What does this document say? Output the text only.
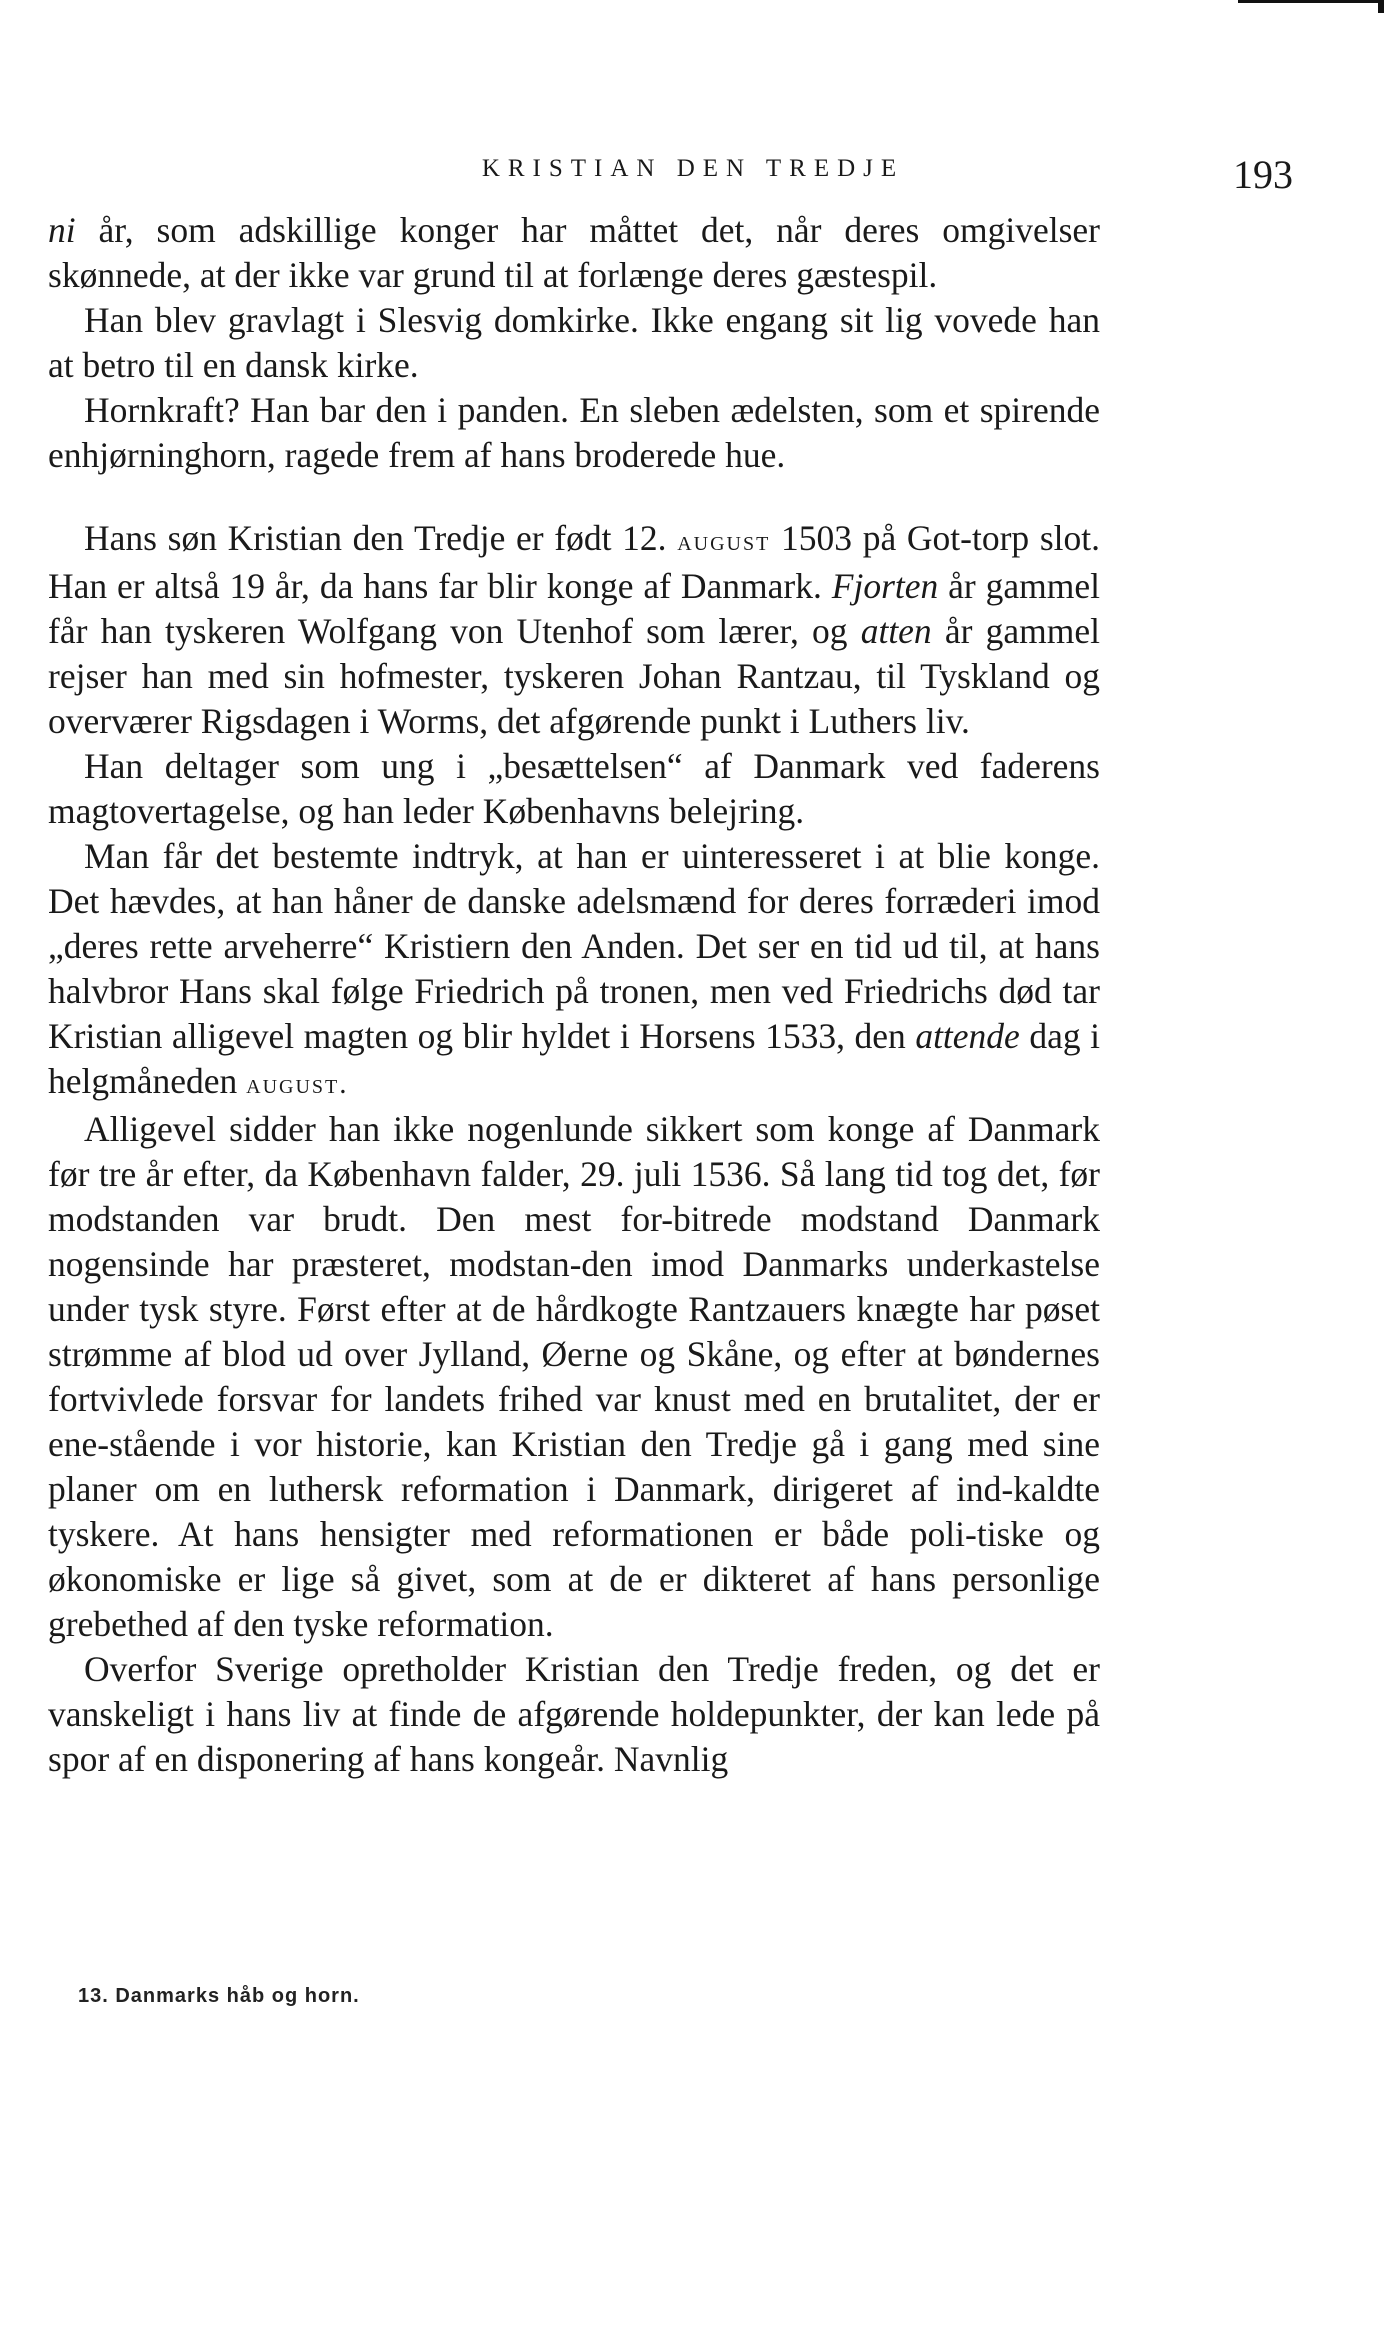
KRISTIAN DEN TREDJE	193

ni år, som adskillige konger har måttet det, når deres omgivelser skønnede, at der ikke var grund til at forlænge deres gæstespil.

Han blev gravlagt i Slesvig domkirke. Ikke engang sit lig vovede han at betro til en dansk kirke.

Hornkraft? Han bar den i panden. En sleben ædelsten, som et spirende enhjørninghorn, ragede frem af hans broderede hue.

Hans søn Kristian den Tredje er født 12. august 1503 på Got-torp slot. Han er altså 19 år, da hans far blir konge af Danmark. Fjorten år gammel får han tyskeren Wolfgang von Utenhof som lærer, og atten år gammel rejser han med sin hofmester, tyskeren Johan Rantzau, til Tyskland og overværer Rigsdagen i Worms, det afgørende punkt i Luthers liv.

Han deltager som ung i „besættelsen“ af Danmark ved faderens magtovertagelse, og han leder Københavns belejring.

Man får det bestemte indtryk, at han er uinteresseret i at blie konge. Det hævdes, at han håner de danske adelsmænd for deres forræderi imod „deres rette arveherre“ Kristiern den Anden. Det ser en tid ud til, at hans halvbror Hans skal følge Friedrich på tronen, men ved Friedrichs død tar Kristian alligevel magten og blir hyldet i Horsens 1533, den attende dag i helgmåneden august.

Alligevel sidder han ikke nogenlunde sikkert som konge af Danmark før tre år efter, da København falder, 29. juli 1536. Så lang tid tog det, før modstanden var brudt. Den mest for-bitrede modstand Danmark nogensinde har præsteret, modstan-den imod Danmarks underkastelse under tysk styre. Først efter at de hårdkogte Rantzauers knægte har pøset strømme af blod ud over Jylland, Øerne og Skåne, og efter at bøndernes fortvivlede forsvar for landets frihed var knust med en brutalitet, der er ene-stående i vor historie, kan Kristian den Tredje gå i gang med sine planer om en luthersk reformation i Danmark, dirigeret af ind-kaldte tyskere. At hans hensigter med reformationen er både poli-tiske og økonomiske er lige så givet, som at de er dikteret af hans personlige grebethed af den tyske reformation.

Overfor Sverige opretholder Kristian den Tredje freden, og det er vanskeligt i hans liv at finde de afgørende holdepunkter, der kan lede på spor af en disponering af hans kongeår. Navnlig

13. Danmarks håb og horn.
